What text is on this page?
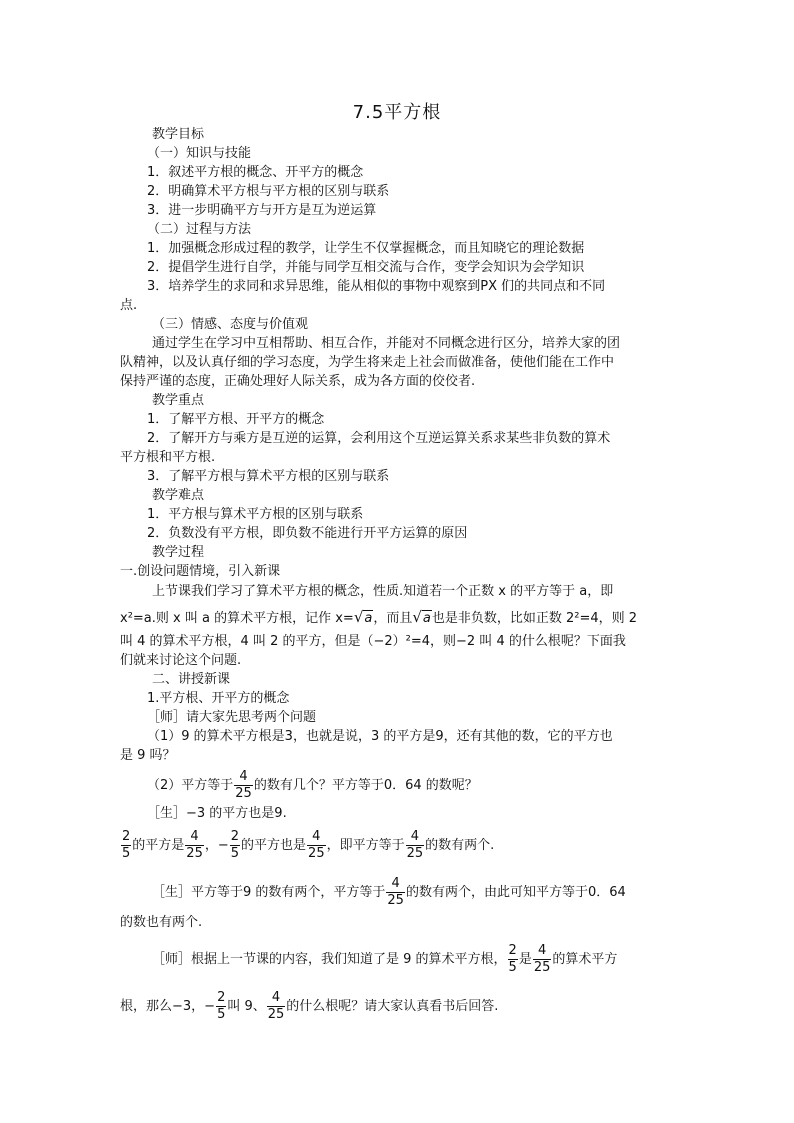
7.5平方根
教学目标
（一）知识与技能
1．叙述平方根的概念、开平方的概念
2．明确算术平方根与平方根的区别与联系
3．进一步明确平方与开方是互为逆运算
（二）过程与方法
1．加强概念形成过程的教学，让学生不仅掌握概念，而且知晓它的理论数据
2．提倡学生进行自学，并能与同学互相交流与合作，变学会知识为会学知识
3．培养学生的求同和求异思维，能从相似的事物中观察到PX 们的共同点和不同
点.
（三）情感、态度与价值观
通过学生在学习中互相帮助、相互合作，并能对不同概念进行区分，培养大家的团
队精神，以及认真仔细的学习态度，为学生将来走上社会而做准备，使他们能在工作中
保持严谨的态度，正确处理好人际关系，成为各方面的佼佼者.
教学重点
1．了解平方根、开平方的概念
2．了解开方与乘方是互逆的运算，会利用这个互逆运算关系求某些非负数的算术
平方根和平方根.
3．了解平方根与算术平方根的区别与联系
教学难点
1．平方根与算术平方根的区别与联系
2．负数没有平方根，即负数不能进行开平方运算的原因
教学过程
一.创设问题情境，引入新课
上节课我们学习了算术平方根的概念，性质.知道若一个正数 x 的平方等于 a，即
x²=a.则 x 叫 a 的算术平方根，记作 x=√a，而且√a也是非负数，比如正数 2²=4，则 2
叫 4 的算术平方根，4 叫 2 的平方，但是（−2）²=4，则−2 叫 4 的什么根呢？下面我
们就来讨论这个问题.
二、讲授新课
1.平方根、开平方的概念
［师］请大家先思考两个问题
（1）9 的算术平方根是3，也就是说，3 的平方是9，还有其他的数，它的平方也
是 9 吗？
（2）平方等于 $\frac{4}{25}$ 的数有几个？平方等于0．64 的数呢？
［生］−3 的平方也是9.
$\frac{2}{5}$ 的平方是 $\frac{4}{25}$ ，− $\frac{2}{5}$ 的平方也是 $\frac{4}{25}$ ，即平方等于 $\frac{4}{25}$ 的数有两个.
［生］平方等于9 的数有两个，平方等于 $\frac{4}{25}$ 的数有两个，由此可知平方等于0．64
的数也有两个.
［师］根据上一节课的内容，我们知道了是 9 的算术平方根， $\frac{2}{5}$ 是 $\frac{4}{25}$ 的算术平方
根，那么−3，− $\frac{2}{5}$ 叫 9、 $\frac{4}{25}$ 的什么根呢？请大家认真看书后回答.
